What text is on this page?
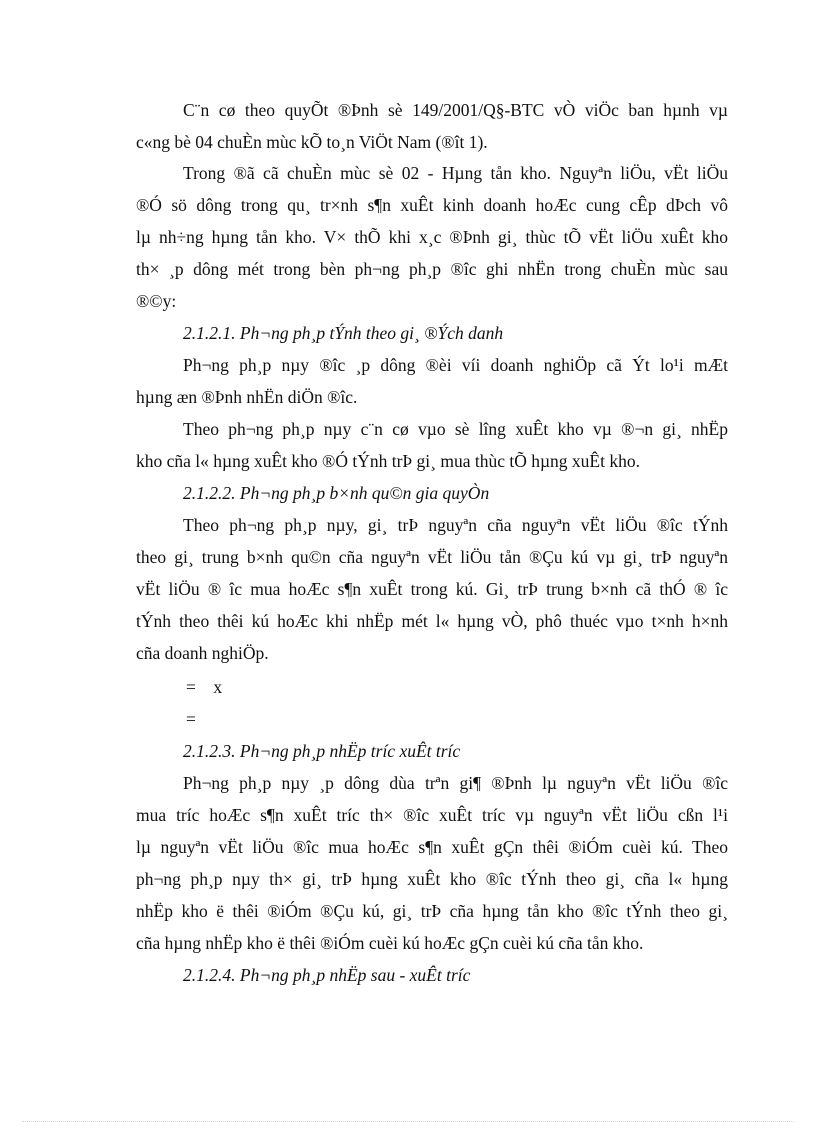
C¨n cø theo quyÕt ®Þnh sè 149/2001/Q§-BTC vÒ viÖc ban hµnh vµ
c«ng bè 04 chuÈn mùc kÕ to¸n ViÖt Nam (®ît 1).
Trong ®ã cã chuÈn mùc sè 02 - Hµng tån kho. Nguyªn liÖu, vËt liÖu
®Ó sö dông trong qu¸ tr×nh s¶n xuÊt kinh doanh hoÆc cung cÊp dÞch vô
lµ nh÷ng hµng tån kho. V× thÕ khi x¸c ®Þnh gi¸ thùc tÕ vËt liÖu xuÊt kho
th× ¸p dông mét trong bèn ph¬ng ph¸p ®îc ghi nhËn trong chuÈn mùc sau
®©y:
2.1.2.1. Ph¬ng ph¸p tÝnh theo gi¸ ®Ých danh
Ph¬ng ph¸p nµy ®îc ¸p dông ®èi víi doanh nghiÖp cã Ýt lo¹i mÆt
hµng æn ®Þnh nhËn diÖn ®îc.
Theo ph¬ng ph¸p nµy c¨n cø vµo sè lîng xuÊt kho vµ ®¬n gi¸ nhËp
kho cña l« hµng xuÊt kho ®Ó tÝnh trÞ gi¸ mua thùc tÕ hµng xuÊt kho.
2.1.2.2. Ph¬ng ph¸p b×nh qu©n gia quyÒn
Theo ph¬ng ph¸p nµy, gi¸ trÞ nguyªn cña nguyªn vËt liÖu ®îc tÝnh
theo gi¸ trung b×nh qu©n cña nguyªn vËt liÖu tån ®Çu kú vµ gi¸ trÞ nguyªn
vËt liÖu ® îc mua hoÆc s¶n xuÊt trong kú. Gi¸ trÞ trung b×nh cã thÓ ® îc
tÝnh theo thêi kú hoÆc khi nhËp mét l« hµng vÒ, phô thuéc vµo t×nh h×nh
cña doanh nghiÖp.
=    x
=
2.1.2.3. Ph¬ng ph¸p nhËp tríc xuÊt tríc
Ph¬ng ph¸p nµy ¸p dông dùa trªn gi¶ ®Þnh lµ nguyªn vËt liÖu ®îc
mua tríc hoÆc s¶n xuÊt tríc th× ®îc xuÊt tríc vµ nguyªn vËt liÖu cßn l¹i
lµ nguyªn vËt liÖu ®îc mua hoÆc s¶n xuÊt gÇn thêi ®iÓm cuèi kú. Theo
ph¬ng ph¸p nµy th× gi¸ trÞ hµng xuÊt kho ®îc tÝnh theo gi¸ cña l« hµng
nhËp kho ë thêi ®iÓm ®Çu kú, gi¸ trÞ cña hµng tån kho ®îc tÝnh theo gi¸
cña hµng nhËp kho ë thêi ®iÓm cuèi kú hoÆc gÇn cuèi kú cña tån kho.
2.1.2.4. Ph¬ng ph¸p nhËp sau - xuÊt tríc
